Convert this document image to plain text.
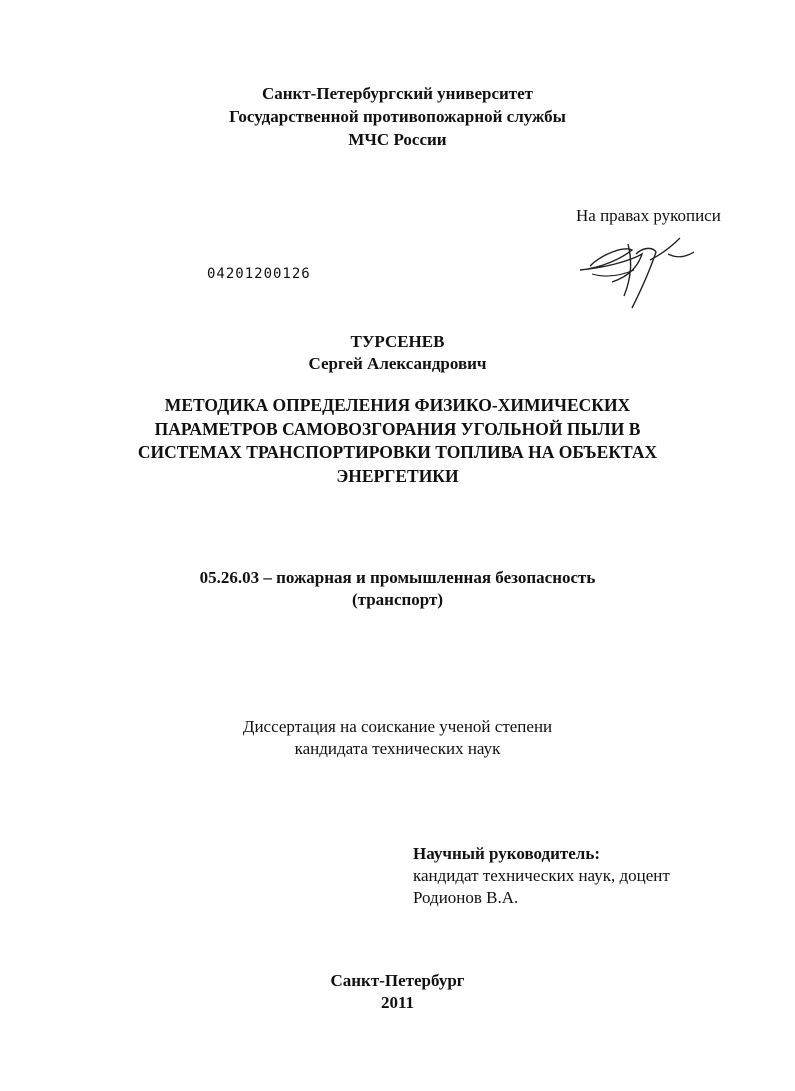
Санкт-Петербургский университет
Государственной противопожарной службы
МЧС России
На правах рукописи
04201200126
ТУРСЕНЕВ
Сергей Александрович
МЕТОДИКА ОПРЕДЕЛЕНИЯ ФИЗИКО-ХИМИЧЕСКИХ
ПАРАМЕТРОВ САМОВОЗГОРАНИЯ УГОЛЬНОЙ ПЫЛИ В
СИСТЕМАХ ТРАНСПОРТИРОВКИ ТОПЛИВА НА ОБЪЕКТАХ
ЭНЕРГЕТИКИ
05.26.03 – пожарная и промышленная безопасность
(транспорт)
Диссертация на соискание ученой степени
кандидата технических наук
Научный руководитель:
кандидат технических наук, доцент
Родионов В.А.
Санкт-Петербург
2011
